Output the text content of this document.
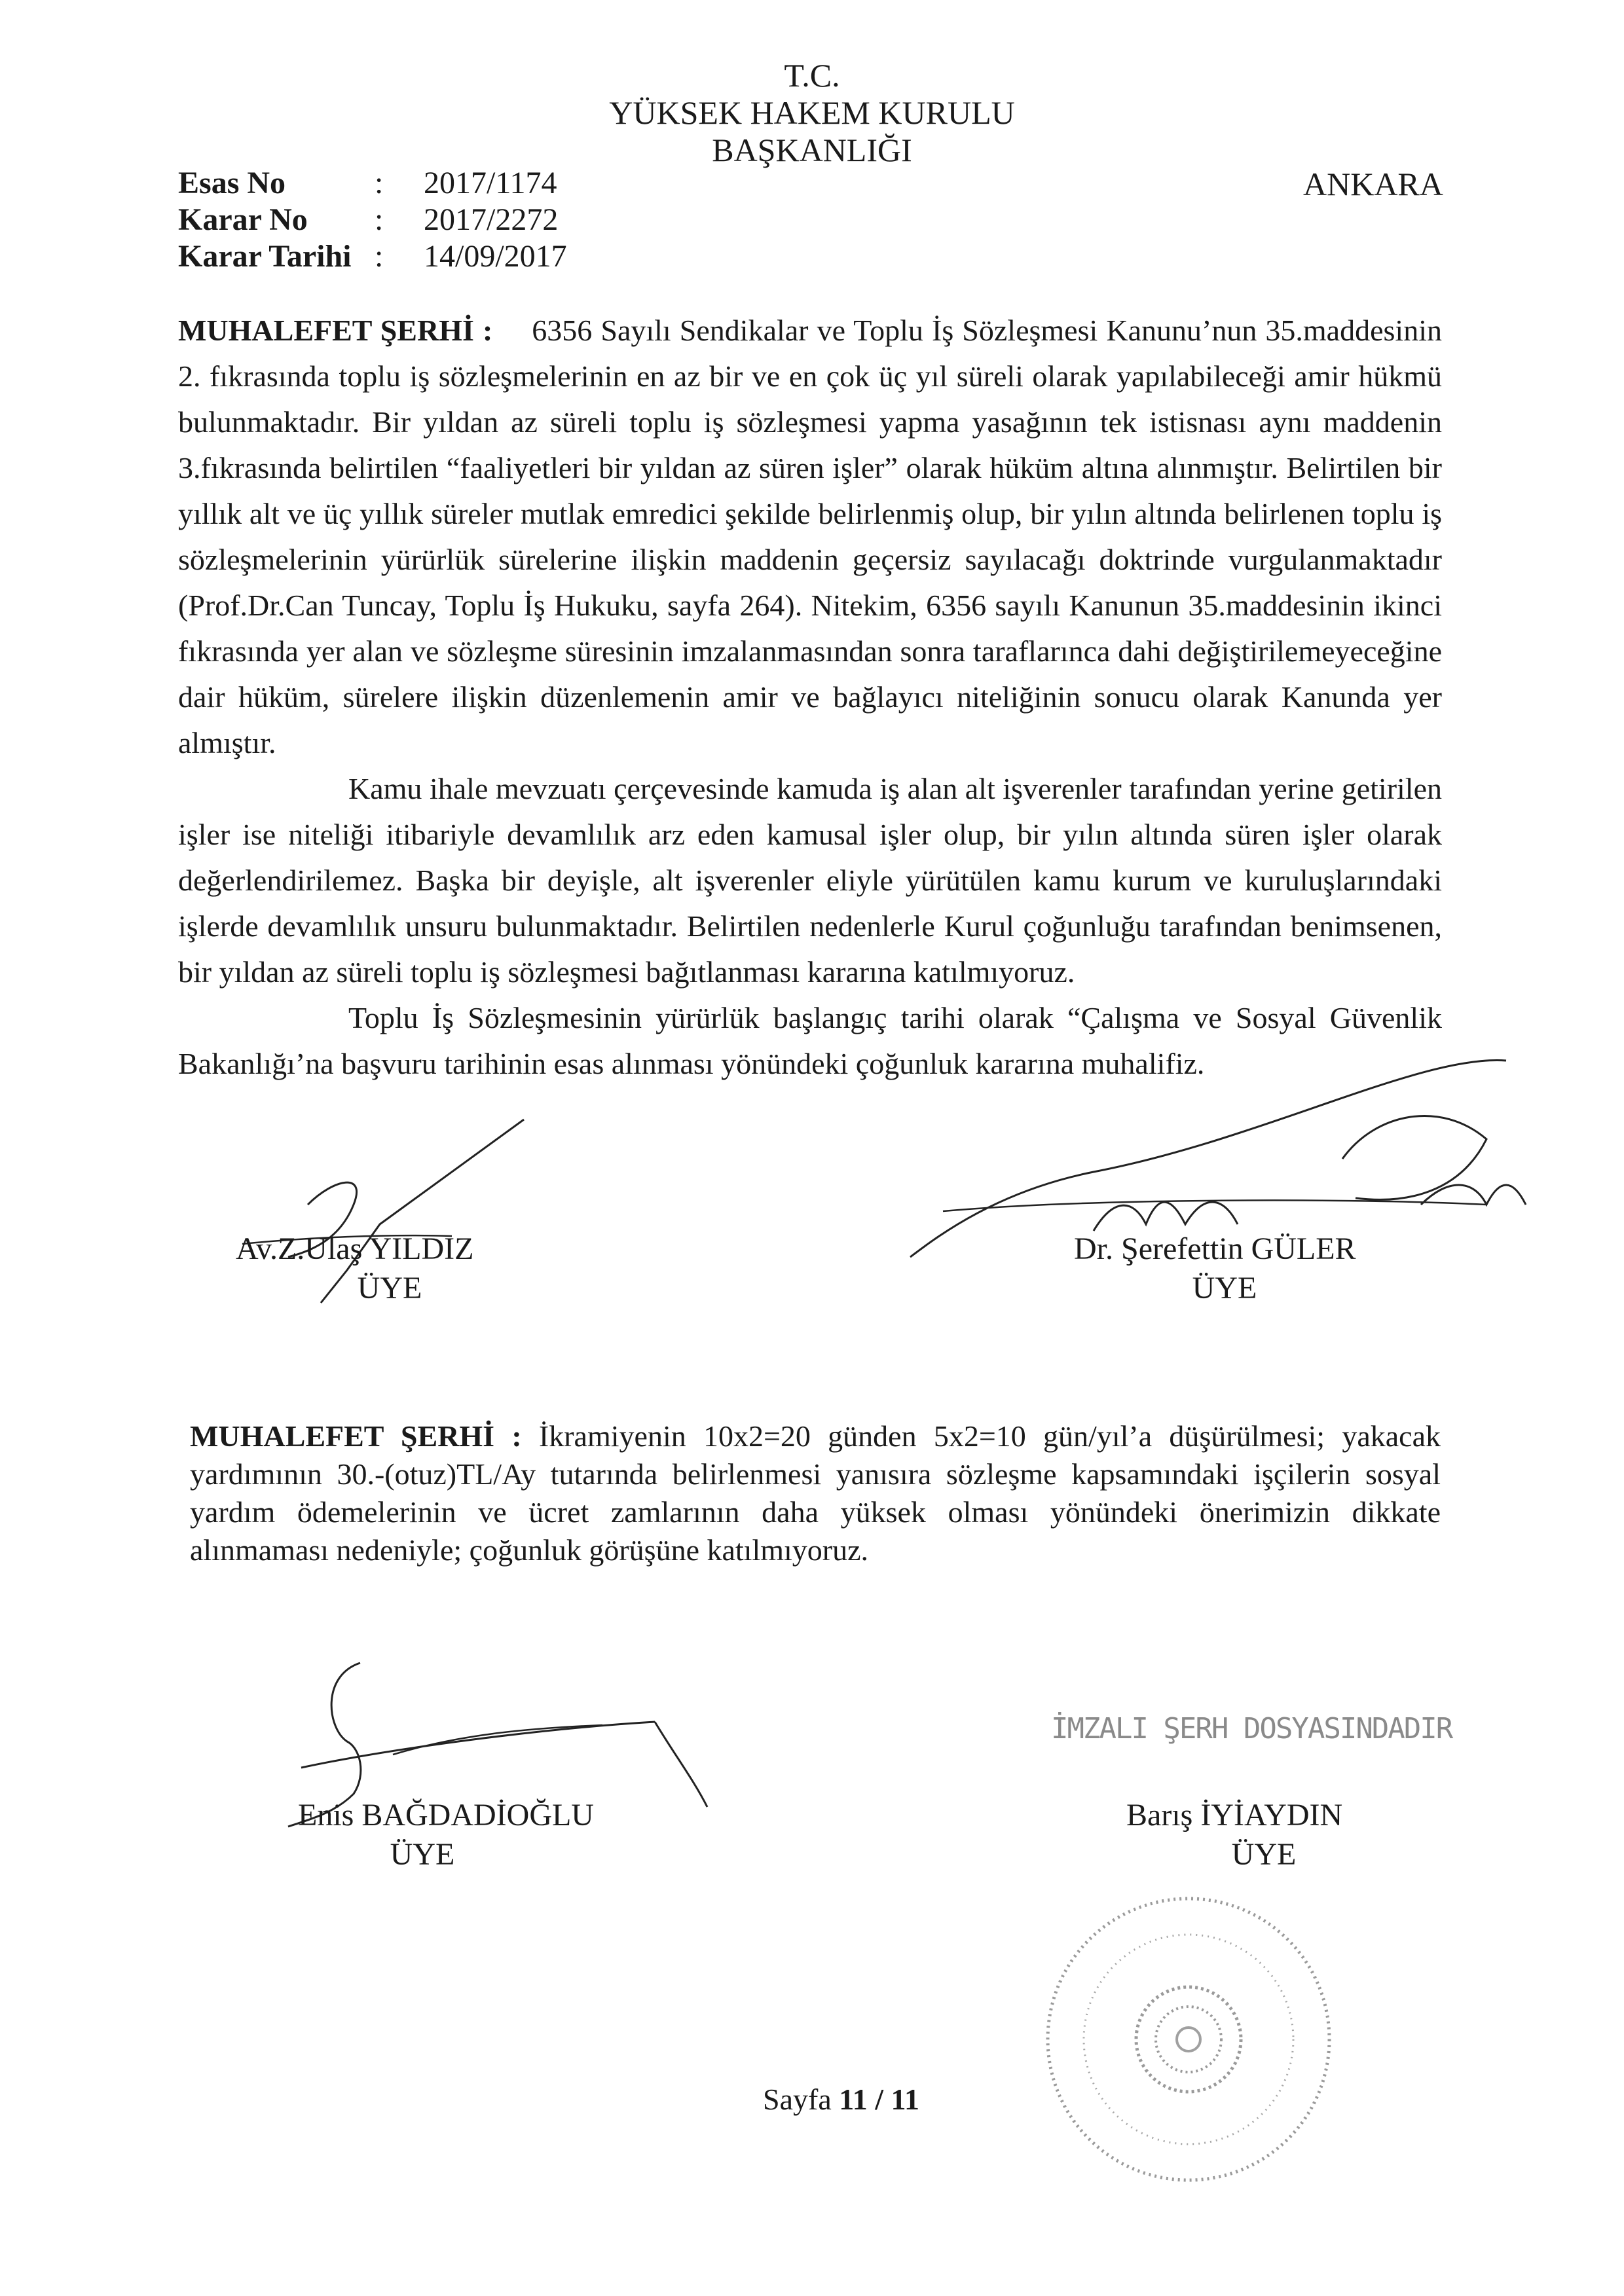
T.C.
YÜKSEK HAKEM KURULU
BAŞKANLIĞI
ANKARA
Esas No	: 2017/1174
Karar No : 2017/2272
Karar Tarihi : 14/09/2017
MUHALEFET ŞERHİ : 6356 Sayılı Sendikalar ve Toplu İş Sözleşmesi Kanunu’nun 35.maddesinin 2. fıkrasında toplu iş sözleşmelerinin en az bir ve en çok üç yıl süreli olarak yapılabileceği amir hükmü bulunmaktadır. Bir yıldan az süreli toplu iş sözleşmesi yapma yasağının tek istisnası aynı maddenin 3.fıkrasında belirtilen “faaliyetleri bir yıldan az süren işler” olarak hüküm altına alınmıştır. Belirtilen bir yıllık alt ve üç yıllık süreler mutlak emredici şekilde belirlenmiş olup, bir yılın altında belirlenen toplu iş sözleşmelerinin yürürlük sürelerine ilişkin maddenin geçersiz sayılacağı doktrinde vurgulanmaktadır (Prof.Dr.Can Tuncay, Toplu İş Hukuku, sayfa 264). Nitekim, 6356 sayılı Kanunun 35.maddesinin ikinci fıkrasında yer alan ve sözleşme süresinin imzalanmasından sonra taraflarınca dahi değiştirilemeyeceğine dair hüküm, sürelere ilişkin düzenlemenin amir ve bağlayıcı niteliğinin sonucu olarak Kanunda yer almıştır.
Kamu ihale mevzuatı çerçevesinde kamuda iş alan alt işverenler tarafından yerine getirilen işler ise niteliği itibariyle devamlılık arz eden kamusal işler olup, bir yılın altında süren işler olarak değerlendirilemez. Başka bir deyişle, alt işverenler eliyle yürütülen kamu kurum ve kuruluşlarındaki işlerde devamlılık unsuru bulunmaktadır. Belirtilen nedenlerle Kurul çoğunluğu tarafından benimsenen, bir yıldan az süreli toplu iş sözleşmesi bağıtlanması kararına katılmıyoruz.
Toplu İş Sözleşmesinin yürürlük başlangıç tarihi olarak “Çalışma ve Sosyal Güvenlik Bakanlığı’na başvuru tarihinin esas alınması yönündeki çoğunluk kararına muhalifiz.
Av.Z.Ulaş YILDIZ
ÜYE
Dr. Şerefettin GÜLER
ÜYE
MUHALEFET ŞERHİ : İkramiyenin 10x2=20 günden 5x2=10 gün/yıl’a düşürülmesi; yakacak yardımının 30.-(otuz)TL/Ay tutarında belirlenmesi yanısıra sözleşme kapsamındaki işçilerin sosyal yardım ödemelerinin ve ücret zamlarının daha yüksek olması yönündeki önerimizin dikkate alınmaması nedeniyle; çoğunluk görüşüne katılmıyoruz.
Enis BAĞDADİOĞLU
ÜYE
İMZALI ŞERH DOSYASINDADIR
Barış İYİAYDIN
ÜYE
Sayfa 11 / 11
